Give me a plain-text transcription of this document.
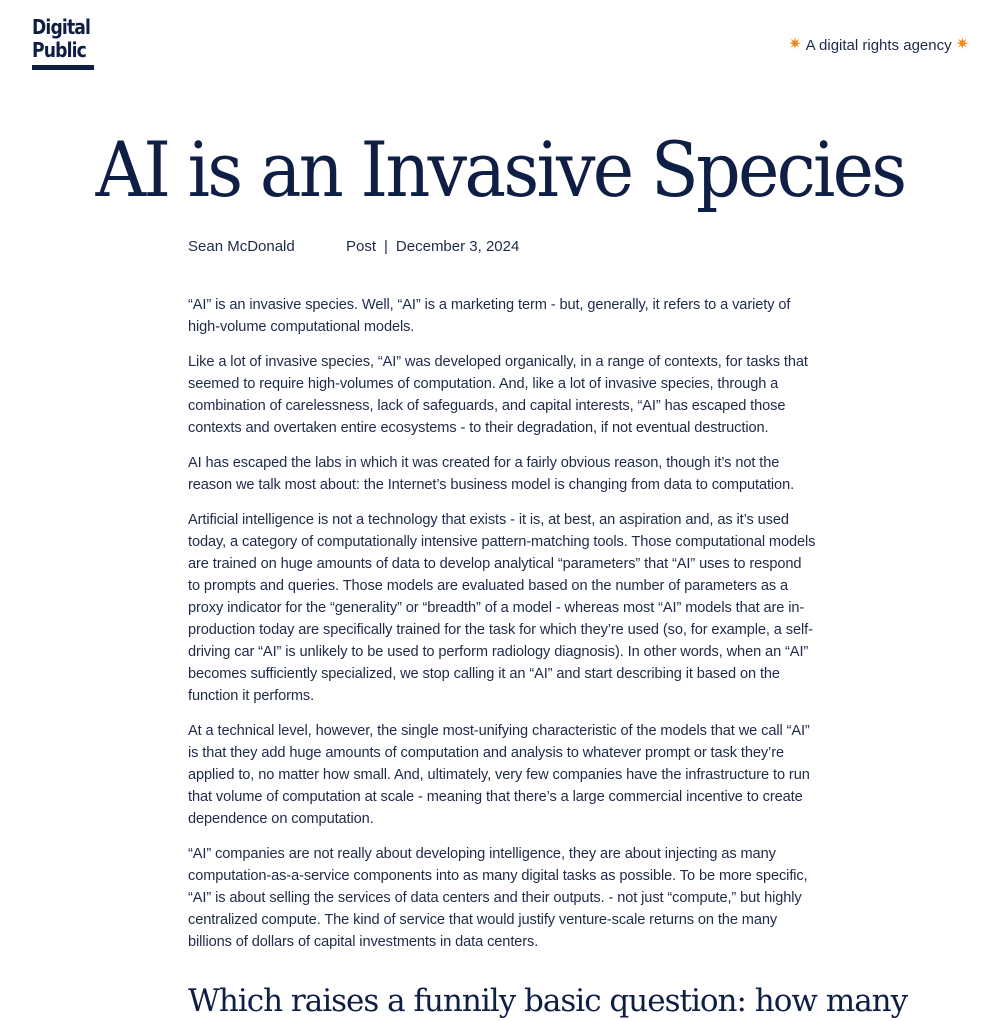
Digital
Public	✷ A digital rights agency ✷
AI is an Invasive Species
Sean McDonald	Post | December 3, 2024

“AI” is an invasive species. Well, “AI” is a marketing term - but, generally, it refers to a variety of high-volume computational models.

Like a lot of invasive species, “AI” was developed organically, in a range of contexts, for tasks that seemed to require high-volumes of computation. And, like a lot of invasive species, through a combination of carelessness, lack of safeguards, and capital interests, “AI” has escaped those contexts and overtaken entire ecosystems - to their degradation, if not eventual destruction.

AI has escaped the labs in which it was created for a fairly obvious reason, though it’s not the reason we talk most about: the Internet’s business model is changing from data to computation.

Artificial intelligence is not a technology that exists - it is, at best, an aspiration and, as it’s used today, a category of computationally intensive pattern-matching tools. Those computational models are trained on huge amounts of data to develop analytical “parameters” that “AI” uses to respond to prompts and queries. Those models are evaluated based on the number of parameters as a proxy indicator for the “generality” or “breadth” of a model - whereas most “AI” models that are in-production today are specifically trained for the task for which they’re used (so, for example, a self-driving car “AI” is unlikely to be used to perform radiology diagnosis). In other words, when an “AI” becomes sufficiently specialized, we stop calling it an “AI” and start describing it based on the function it performs.

At a technical level, however, the single most-unifying characteristic of the models that we call “AI” is that they add huge amounts of computation and analysis to whatever prompt or task they’re applied to, no matter how small. And, ultimately, very few companies have the infrastructure to run that volume of computation at scale - meaning that there’s a large commercial incentive to create dependence on computation.

“AI” companies are not really about developing intelligence, they are about injecting as many computation-as-a-service components into as many digital tasks as possible. To be more specific, “AI” is about selling the services of data centers and their outputs. - not just “compute,” but highly centralized compute. The kind of service that would justify venture-scale returns on the many billions of dollars of capital investments in data centers.

Which raises a funnily basic question: how many
